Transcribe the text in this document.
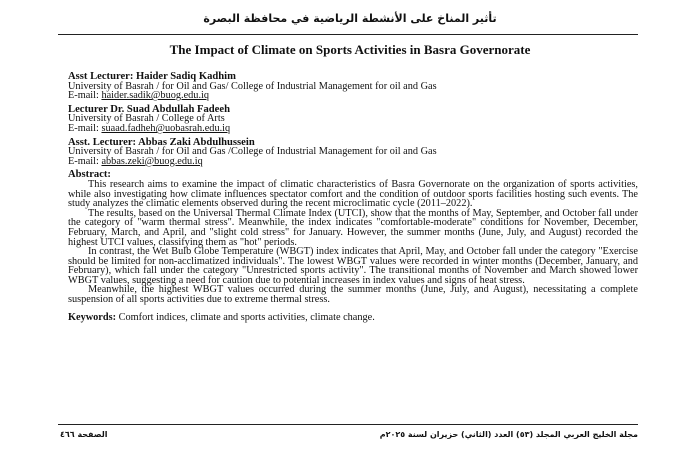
تأثير المناخ على الأنشطة الرياضية في محافظة البصرة
The Impact of Climate on Sports Activities in Basra Governorate
Asst Lecturer: Haider Sadiq Kadhim
University of Basrah / for Oil and Gas/ College of Industrial Management for oil and Gas
E-mail: haider.sadik@buog.edu.iq
Lecturer Dr. Suad Abdullah Fadeeh
University of Basrah / College of Arts
E-mail: suaad.fadheh@uobasrah.edu.iq
Asst. Lecturer: Abbas Zaki Abdulhussein
University of Basrah / for Oil and Gas /College of Industrial Management for oil and Gas
E-mail: abbas.zeki@buog.edu.iq
Abstract:

This research aims to examine the impact of climatic characteristics of Basra Governorate on the organization of sports activities, while also investigating how climate influences spectator comfort and the condition of outdoor sports facilities hosting such events. The study analyzes the climatic elements observed during the recent microclimatic cycle (2011–2022).

The results, based on the Universal Thermal Climate Index (UTCI), show that the months of May, September, and October fall under the category of "warm thermal stress". Meanwhile, the index indicates "comfortable-moderate" conditions for November, December, February, March, and April, and "slight cold stress" for January. However, the summer months (June, July, and August) recorded the highest UTCI values, classifying them as "hot" periods.

In contrast, the Wet Bulb Globe Temperature (WBGT) index indicates that April, May, and October fall under the category "Exercise should be limited for non-acclimatized individuals". The lowest WBGT values were recorded in winter months (December, January, and February), which fall under the category "Unrestricted sports activity". The transitional months of November and March showed lower WBGT values, suggesting a need for caution due to potential increases in index values and signs of heat stress.

Meanwhile, the highest WBGT values occurred during the summer months (June, July, and August), necessitating a complete suspension of all sports activities due to extreme thermal stress.

Keywords: Comfort indices, climate and sports activities, climate change.
مجلة الخليج العربي المجلد (٥٣) العدد (الثاني) حزيران لسنة ٢٠٢٥م
الصفحة ٤٦٦
